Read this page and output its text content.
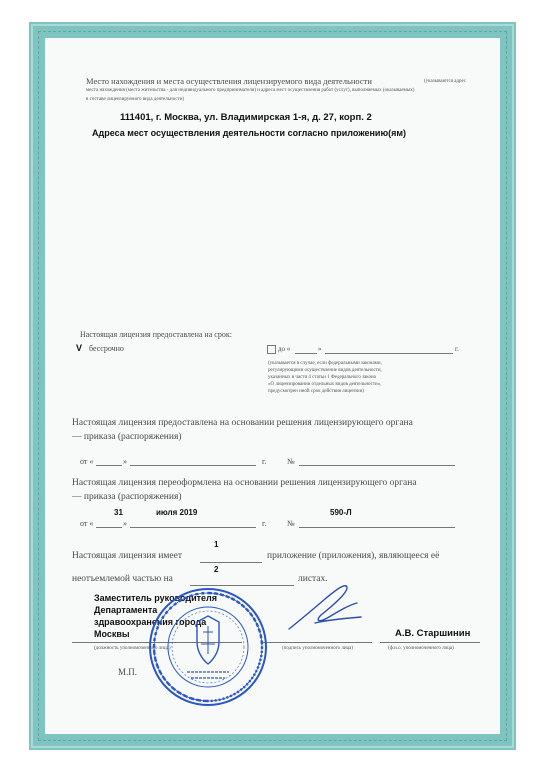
Место нахождения и места осуществления лицензируемого вида деятельности	(указываются адрес
места нахождения (места жительства - для индивидуального предпринимателя) и адреса мест осуществления работ (услуг), выполняемых (оказываемых)
в составе лицензируемого вида деятельности)
111401, г. Москва, ул. Владимирская 1-я, д. 27, корп. 2
Адреса мест осуществления деятельности согласно приложению(ям)
Настоящая лицензия предоставлена на срок:
V бессрочно	до «	»	г.
(указывается в случае, если федеральными законами,
регулирующими осуществление видов деятельности,
указанных в части 4 статьи 1 Федерального закона
«О лицензировании отдельных видов деятельности»,
предусмотрен иной срок действия лицензии)
Настоящая лицензия предоставлена на основании решения лицензирующего органа
— приказа (распоряжения)
от «	»	г.	№
Настоящая лицензия переоформлена на основании решения лицензирующего органа
— приказа (распоряжения)
31	июля 2019	590-Л
от «	»	г.	№
1
Настоящая лицензия имеет	приложение (приложения), являющееся её
2
неотъемлемой частью на	листах.
Заместитель руководителя
Департамента
здравоохранения города
Москвы
(должность уполномоченного лица)	(подпись уполномоченного лица)
А.В. Старшинин
(ф.и.о. уполномоченного лица)
М.П.
